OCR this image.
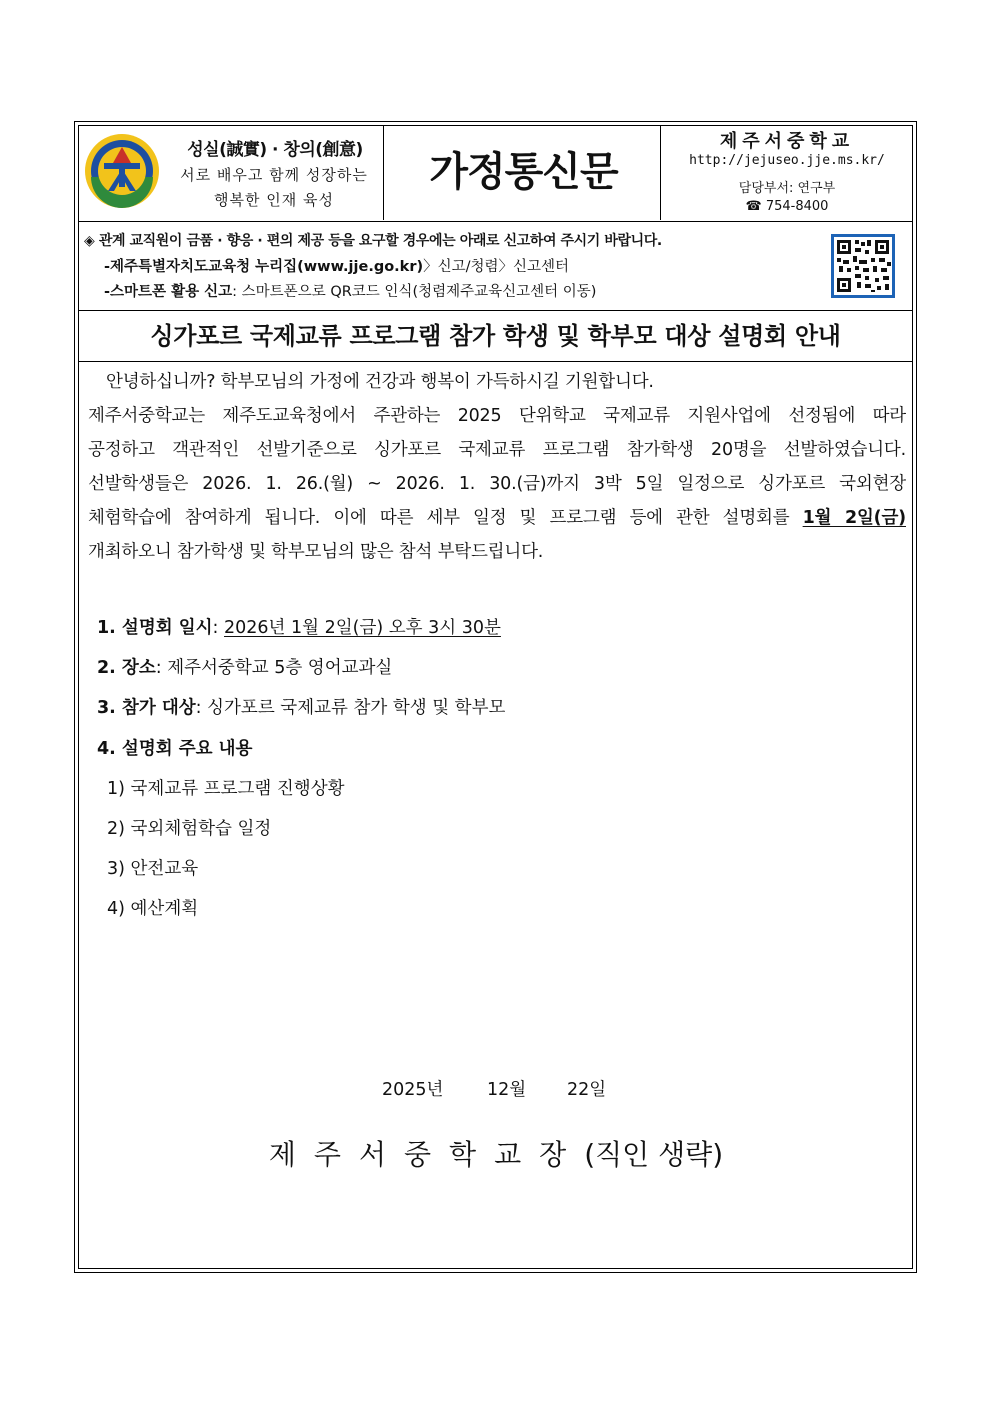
성실(誠實) · 창의(創意)
서로 배우고 함께 성장하는
행복한 인재 육성
가정통신문
제주서중학교
http://jejuseo.jje.ms.kr/
담당부서: 연구부
☎ 754-8400
◈ 관계 교직원이 금품 · 향응 · 편의 제공 등을 요구할 경우에는 아래로 신고하여 주시기 바랍니다.
-제주특별자치도교육청 누리집(www.jje.go.kr)〉신고/청렴〉신고센터
-스마트폰 활용 신고: 스마트폰으로 QR코드 인식(청렴제주교육신고센터 이동)
싱가포르 국제교류 프로그램 참가 학생 및 학부모 대상 설명회 안내
안녕하십니까? 학부모님의 가정에 건강과 행복이 가득하시길 기원합니다.
제주서중학교는 제주도교육청에서 주관하는 2025 단위학교 국제교류 지원사업에 선정됨에 따라
공정하고 객관적인 선발기준으로 싱가포르 국제교류 프로그램 참가학생 20명을 선발하였습니다.
선발학생들은 2026. 1. 26.(월) ~ 2026. 1. 30.(금)까지 3박 5일 일정으로 싱가포르 국외현장
체험학습에 참여하게 됩니다. 이에 따른 세부 일정 및 프로그램 등에 관한 설명회를 1월 2일(금)
개최하오니 참가학생 및 학부모님의 많은 참석 부탁드립니다.
1. 설명회 일시: 2026년 1월 2일(금) 오후 3시 30분
2. 장소: 제주서중학교 5층 영어교과실
3. 참가 대상: 싱가포르 국제교류 참가 학생 및 학부모
4. 설명회 주요 내용
1) 국제교류 프로그램 진행상황
2) 국외체험학습 일정
3) 안전교육
4) 예산계획
2025년 12월 22일
제주서중학교장(직인 생략)
